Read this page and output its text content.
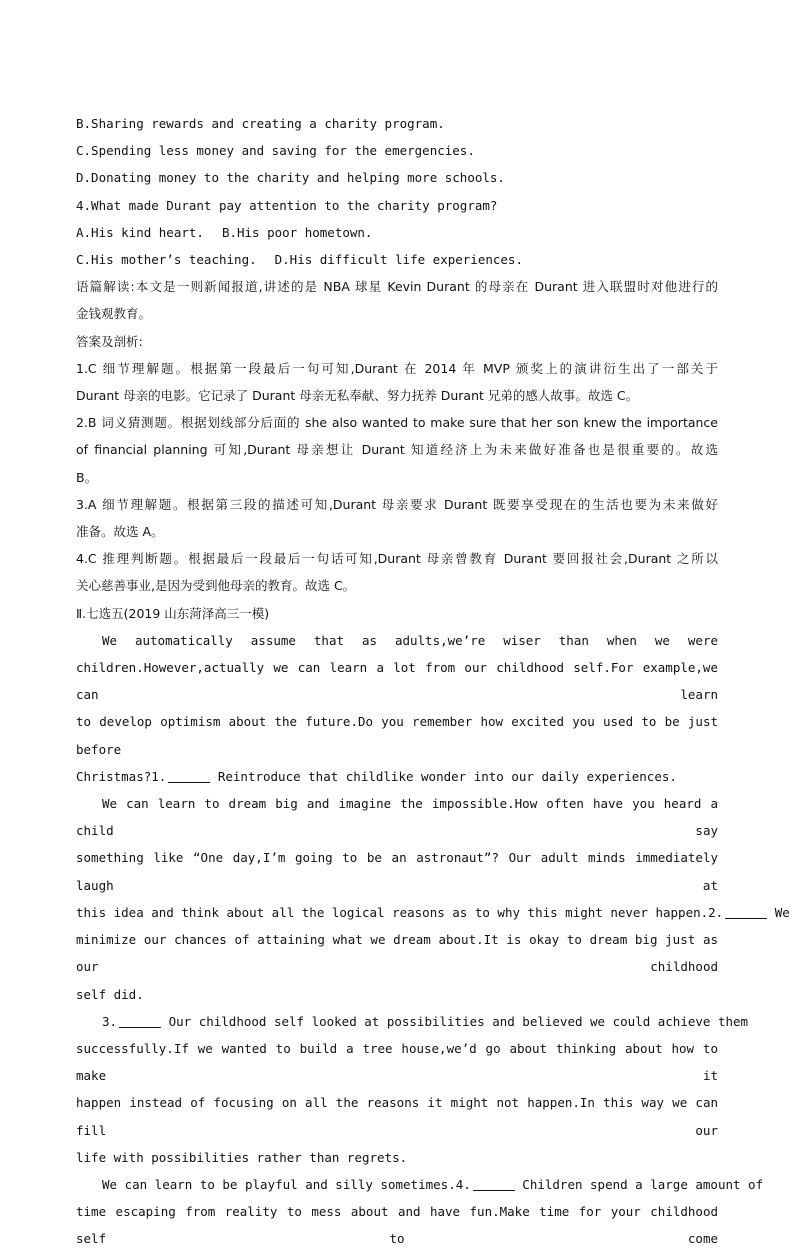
B.Sharing rewards and creating a charity program.
C.Spending less money and saving for the emergencies.
D.Donating money to the charity and helping more schools.
4.What made Durant pay attention to the charity program?
A.His kind heart. B.His poor hometown.
C.His mother’s teaching. D.His difficult life experiences.
语篇解读:本文是一则新闻报道,讲述的是 NBA 球星 Kevin Durant 的母亲在 Durant 进入联盟时对他进行的
金钱观教育。
答案及剖析:
1.C 细节理解题。根据第一段最后一句可知,Durant 在 2014 年 MVP 颁奖上的演讲衍生出了一部关于
Durant 母亲的电影。它记录了 Durant 母亲无私奉献、努力抚养 Durant 兄弟的感人故事。故选 C。
2.B 词义猜测题。根据划线部分后面的 she also wanted to make sure that her son knew the importance
of financial planning 可知,Durant 母亲想让 Durant 知道经济上为未来做好准备也是很重要的。故选
B。
3.A 细节理解题。根据第三段的描述可知,Durant 母亲要求 Durant 既要享受现在的生活也要为未来做好
准备。故选 A。
4.C 推理判断题。根据最后一段最后一句话可知,Durant 母亲曾教育 Durant 要回报社会,Durant 之所以
关心慈善事业,是因为受到他母亲的教育。故选 C。
Ⅱ.七选五(2019 山东菏泽高三一模)
We automatically assume that as adults,we’re wiser than when we were
children.However,actually we can learn a lot from our childhood self.For example,we can learn
to develop optimism about the future.Do you remember how excited you used to be just before
Christmas?1.	Reintroduce that childlike wonder into our daily experiences.
We can learn to dream big and imagine the impossible.How often have you heard a child say
something like “One day,I’m going to be an astronaut”? Our adult minds immediately laugh at
this idea and think about all the logical reasons as to why this might never happen.2.	We
minimize our chances of attaining what we dream about.It is okay to dream big just as our childhood
self did.
3.	Our childhood self looked at possibilities and believed we could achieve them
successfully.If we wanted to build a tree house,we’d go about thinking about how to make it
happen instead of focusing on all the reasons it might not happen.In this way we can fill our
life with possibilities rather than regrets.
We can learn to be playful and silly sometimes.4.	Children spend a large amount of
time escaping from reality to mess about and have fun.Make time for your childhood self to come
